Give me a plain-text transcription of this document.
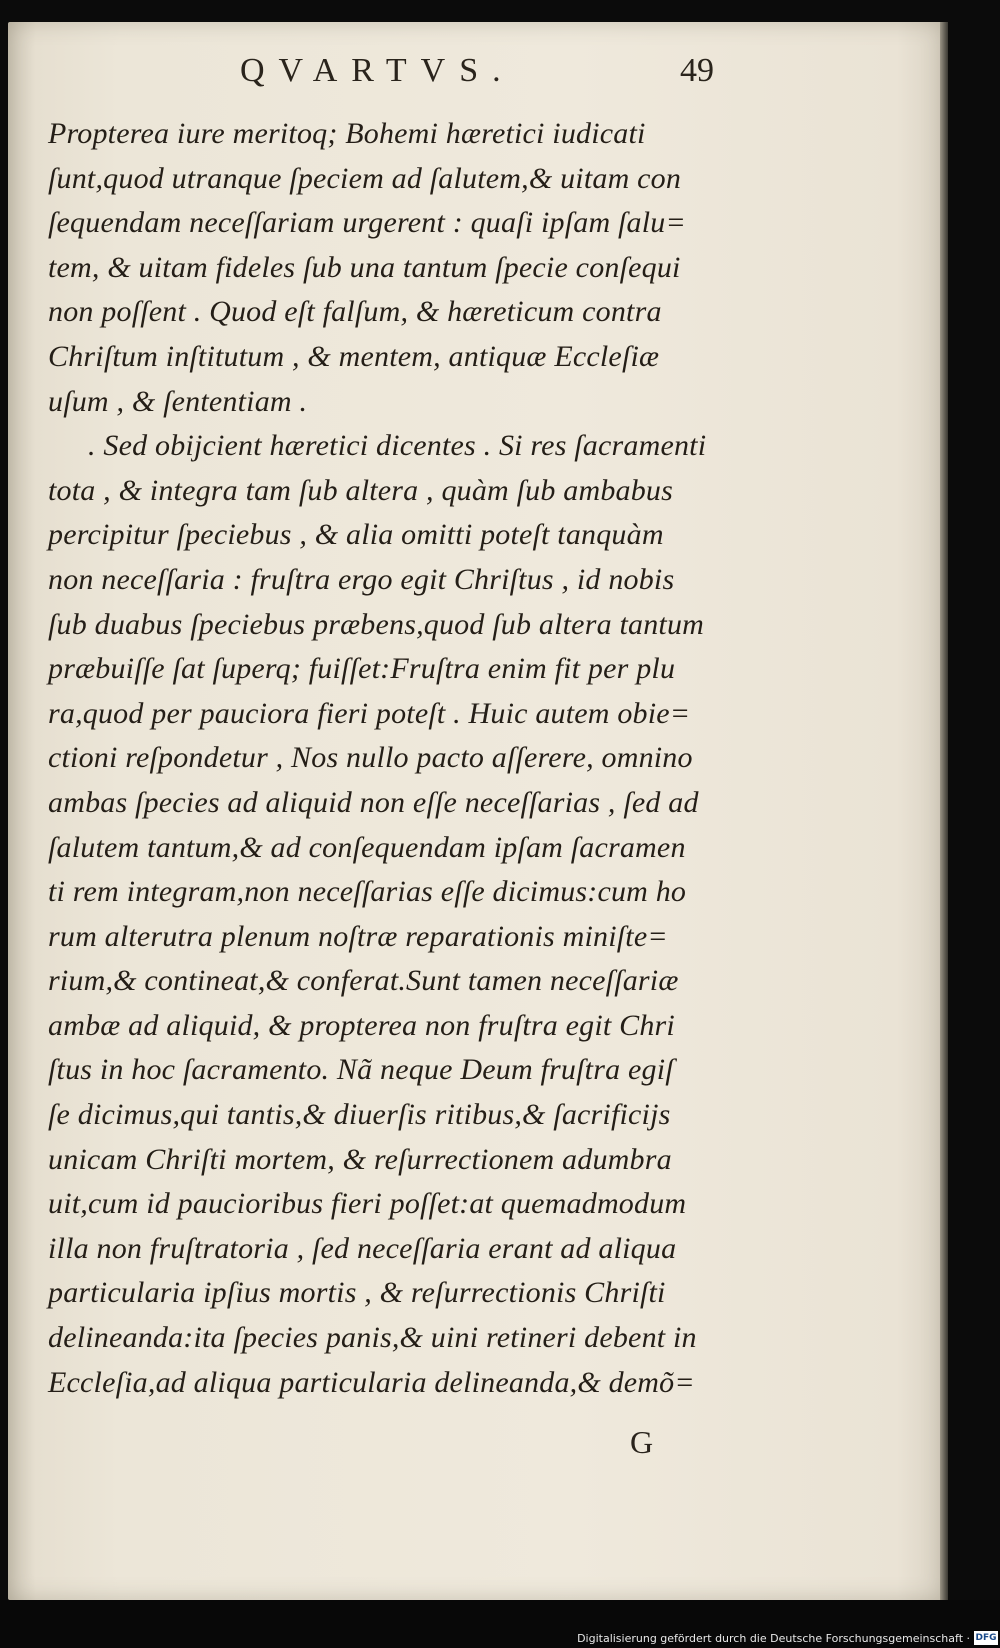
QVARTVS.	49
Propterea iure meritoq; Bohemi hæretici iudicati
ſunt,quod utranque ſpeciem ad ſalutem,& uitam con
ſequendam neceſſariam urgerent : quaſi ipſam ſalu=
tem, & uitam fideles ſub una tantum ſpecie conſequi
non poſſent . Quod eſt falſum, & hæreticum contra
Chriſtum inſtitutum , & mentem, antiquæ Eccleſiæ
uſum , & ſententiam .
. Sed obijcient hæretici dicentes . Si res ſacramenti
tota , & integra tam ſub altera , quàm ſub ambabus
percipitur ſpeciebus , & alia omitti poteſt tanquàm
non neceſſaria : fruſtra ergo egit Chriſtus , id nobis
ſub duabus ſpeciebus præbens,quod ſub altera tantum
præbuiſſe ſat ſuperq; fuiſſet:Fruſtra enim fit per plu
ra,quod per pauciora fieri poteſt . Huic autem obie=
ctioni reſpondetur , Nos nullo pacto aſſerere, omnino
ambas ſpecies ad aliquid non eſſe neceſſarias , ſed ad
ſalutem tantum,& ad conſequendam ipſam ſacramen
ti rem integram,non neceſſarias eſſe dicimus:cum ho
rum alterutra plenum noſtræ reparationis miniſte=
rium,& contineat,& conferat.Sunt tamen neceſſariæ
ambæ ad aliquid, & propterea non fruſtra egit Chri
ſtus in hoc ſacramento. Nã neque Deum fruſtra egiſ
ſe dicimus,qui tantis,& diuerſis ritibus,& ſacrificijs
unicam Chriſti mortem, & reſurrectionem adumbra
uit,cum id paucioribus fieri poſſet:at quemadmodum
illa non fruſtratoria , ſed neceſſaria erant ad aliqua
particularia ipſius mortis , & reſurrectionis Chriſti
delineanda:ita ſpecies panis,& uini retineri debent in
Eccleſia,ad aliqua particularia delineanda,& demõ=
G
Digitalisierung gefördert durch die Deutsche Forschungsgemeinschaft · DFG
